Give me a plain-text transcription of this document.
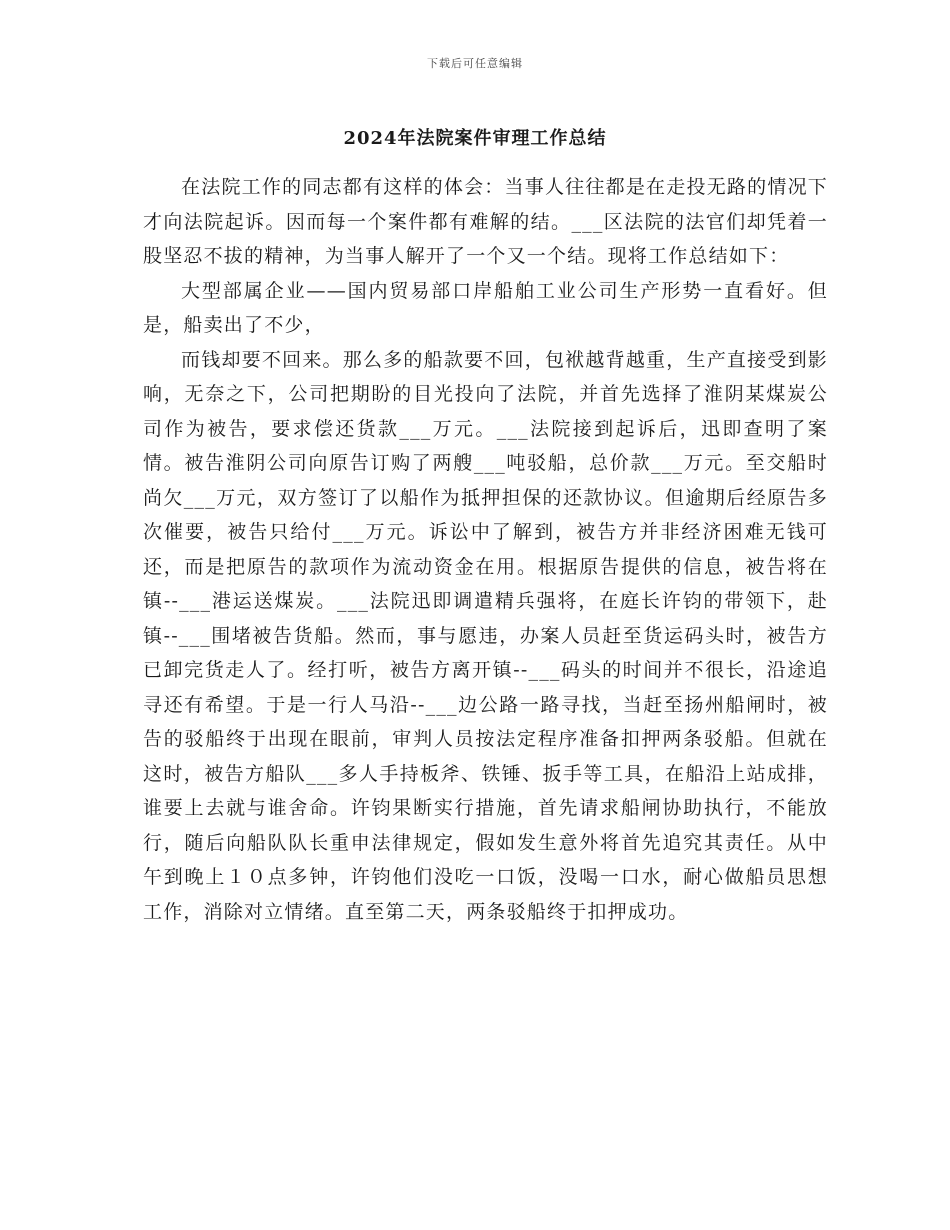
下载后可任意编辑
2024年法院案件审理工作总结

在法院工作的同志都有这样的体会：当事人往往都是在走投无路的情况下才向法院起诉。因而每一个案件都有难解的结。___区法院的法官们却凭着一股坚忍不拔的精神，为当事人解开了一个又一个结。现将工作总结如下：

大型部属企业——国内贸易部口岸船舶工业公司生产形势一直看好。但是，船卖出了不少，

而钱却要不回来。那么多的船款要不回，包袱越背越重，生产直接受到影响，无奈之下，公司把期盼的目光投向了法院，并首先选择了淮阴某煤炭公司作为被告，要求偿还货款___万元。___法院接到起诉后，迅即查明了案情。被告淮阴公司向原告订购了两艘___吨驳船，总价款___万元。至交船时尚欠___万元，双方签订了以船作为抵押担保的还款协议。但逾期后经原告多次催要，被告只给付___万元。诉讼中了解到，被告方并非经济困难无钱可还，而是把原告的款项作为流动资金在用。根据原告提供的信息，被告将在镇--___港运送煤炭。___法院迅即调遣精兵强将，在庭长许钧的带领下，赴镇--___围堵被告货船。然而，事与愿违，办案人员赶至货运码头时，被告方已卸完货走人了。经打听，被告方离开镇--___码头的时间并不很长，沿途追寻还有希望。于是一行人马沿--___边公路一路寻找，当赶至扬州船闸时，被告的驳船终于出现在眼前，审判人员按法定程序准备扣押两条驳船。但就在这时，被告方船队___多人手持板斧、铁锤、扳手等工具，在船沿上站成排，谁要上去就与谁舍命。许钧果断实行措施，首先请求船闸协助执行，不能放行，随后向船队队长重申法律规定，假如发生意外将首先追究其责任。从中午到晚上１０点多钟，许钧他们没吃一口饭，没喝一口水，耐心做船员思想工作，消除对立情绪。直至第二天，两条驳船终于扣押成功。
